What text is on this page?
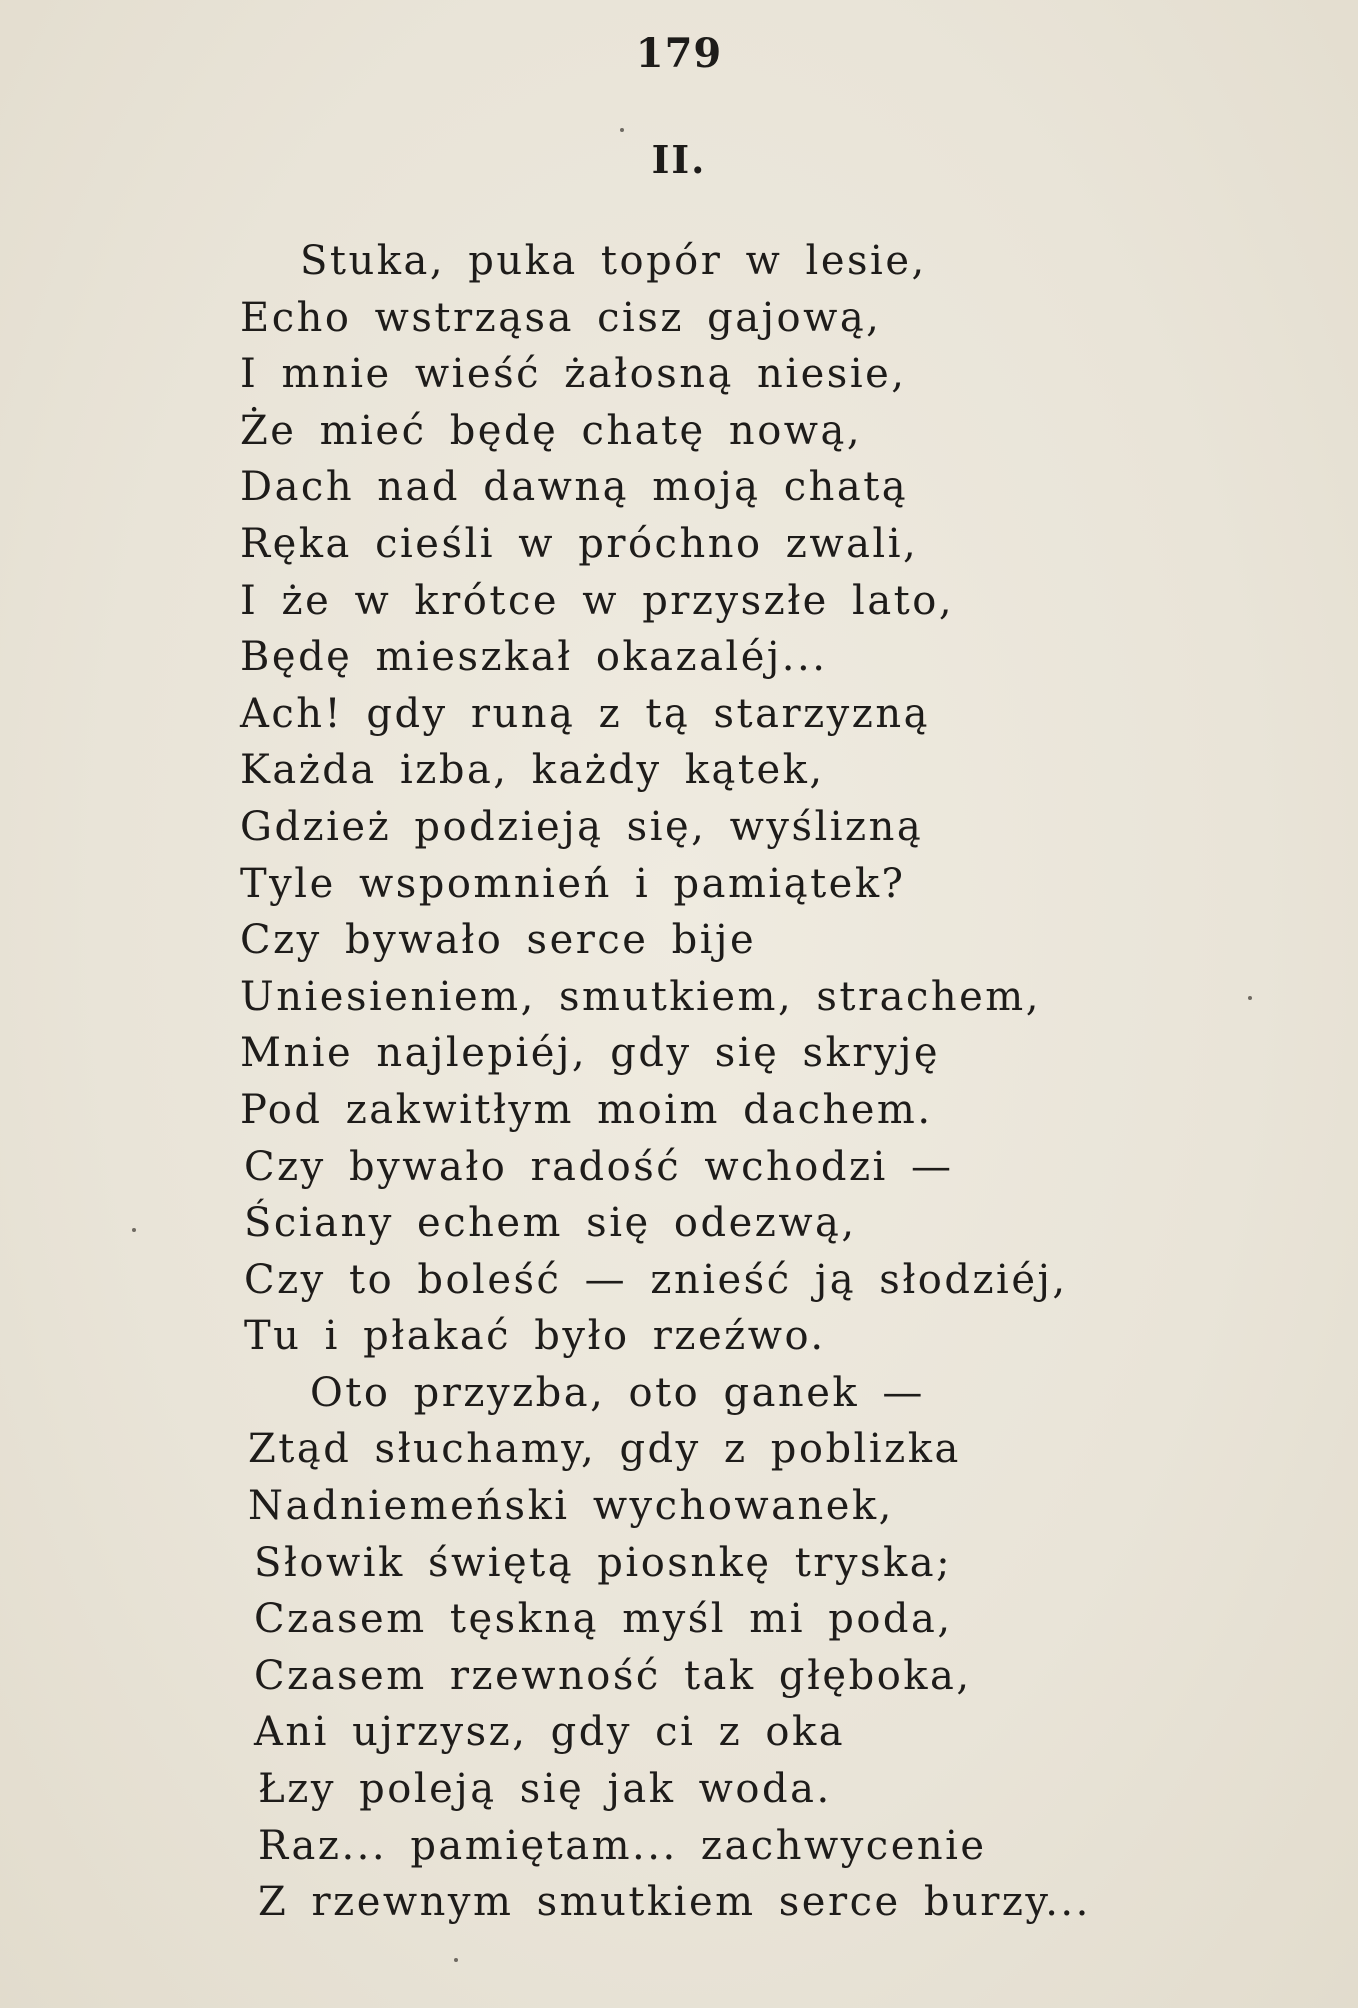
179
II.
Stuka, puka topór w lesie,
Echo wstrząsa cisz gajową,
I mnie wieść żałosną niesie,
Że mieć będę chatę nową,
Dach nad dawną moją chatą
Ręka cieśli w próchno zwali,
I że w krótce w przyszłe lato,
Będę mieszkał okazaléj...
Ach! gdy runą z tą starzyzną
Każda izba, każdy kątek,
Gdzież podzieją się, wyślizną
Tyle wspomnień i pamiątek?
Czy bywało serce bije
Uniesieniem, smutkiem, strachem,
Mnie najlepiéj, gdy się skryję
Pod zakwitłym moim dachem.
Czy bywało radość wchodzi —
Ściany echem się odezwą,
Czy to boleść — znieść ją słodziéj,
Tu i płakać było rzeźwo.
Oto przyzba, oto ganek —
Ztąd słuchamy, gdy z poblizka
Nadniemeński wychowanek,
Słowik świętą piosnkę tryska;
Czasem tęskną myśl mi poda,
Czasem rzewność tak głęboka,
Ani ujrzysz, gdy ci z oka
Łzy poleją się jak woda.
Raz... pamiętam... zachwycenie
Z rzewnym smutkiem serce burzy...
